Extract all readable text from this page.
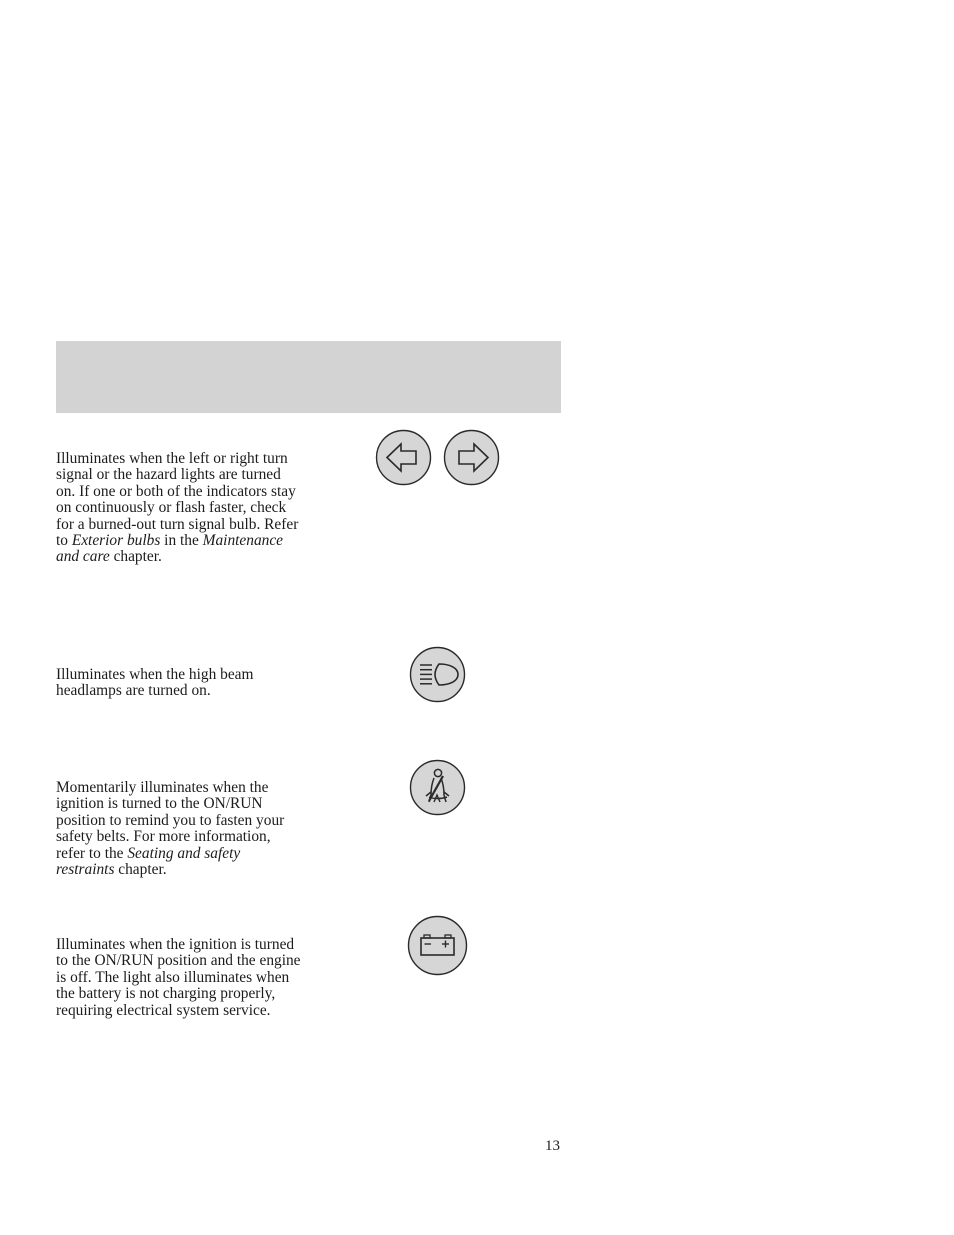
Illuminates when the left or right turn signal or the hazard lights are turned on. If one or both of the indicators stay on continuously or flash faster, check for a burned-out turn signal bulb. Refer to Exterior bulbs in the Maintenance and care chapter.

Illuminates when the high beam headlamps are turned on.

Momentarily illuminates when the ignition is turned to the ON/RUN position to remind you to fasten your safety belts. For more information, refer to the Seating and safety restraints chapter.

Illuminates when the ignition is turned to the ON/RUN position and the engine is off. The light also illuminates when the battery is not charging properly, requiring electrical system service.

13
